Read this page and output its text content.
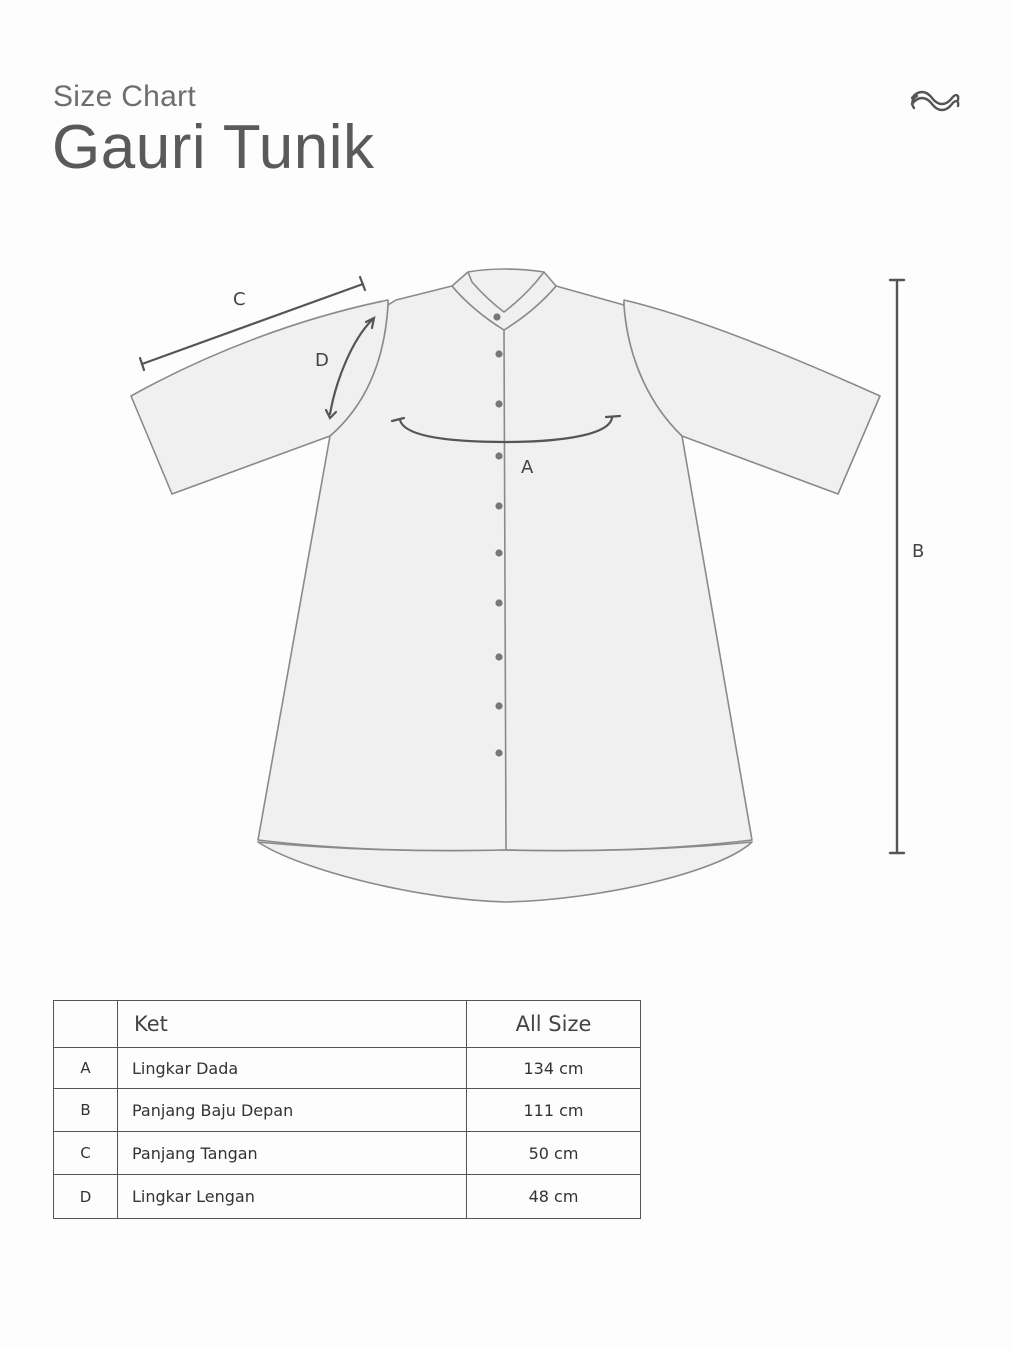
Size Chart
Gauri Tunik
A
B
C
D
	Ket	All Size
A	Lingkar Dada	134 cm
B	Panjang Baju Depan	111 cm
C	Panjang Tangan	50 cm
D	Lingkar Lengan	48 cm
